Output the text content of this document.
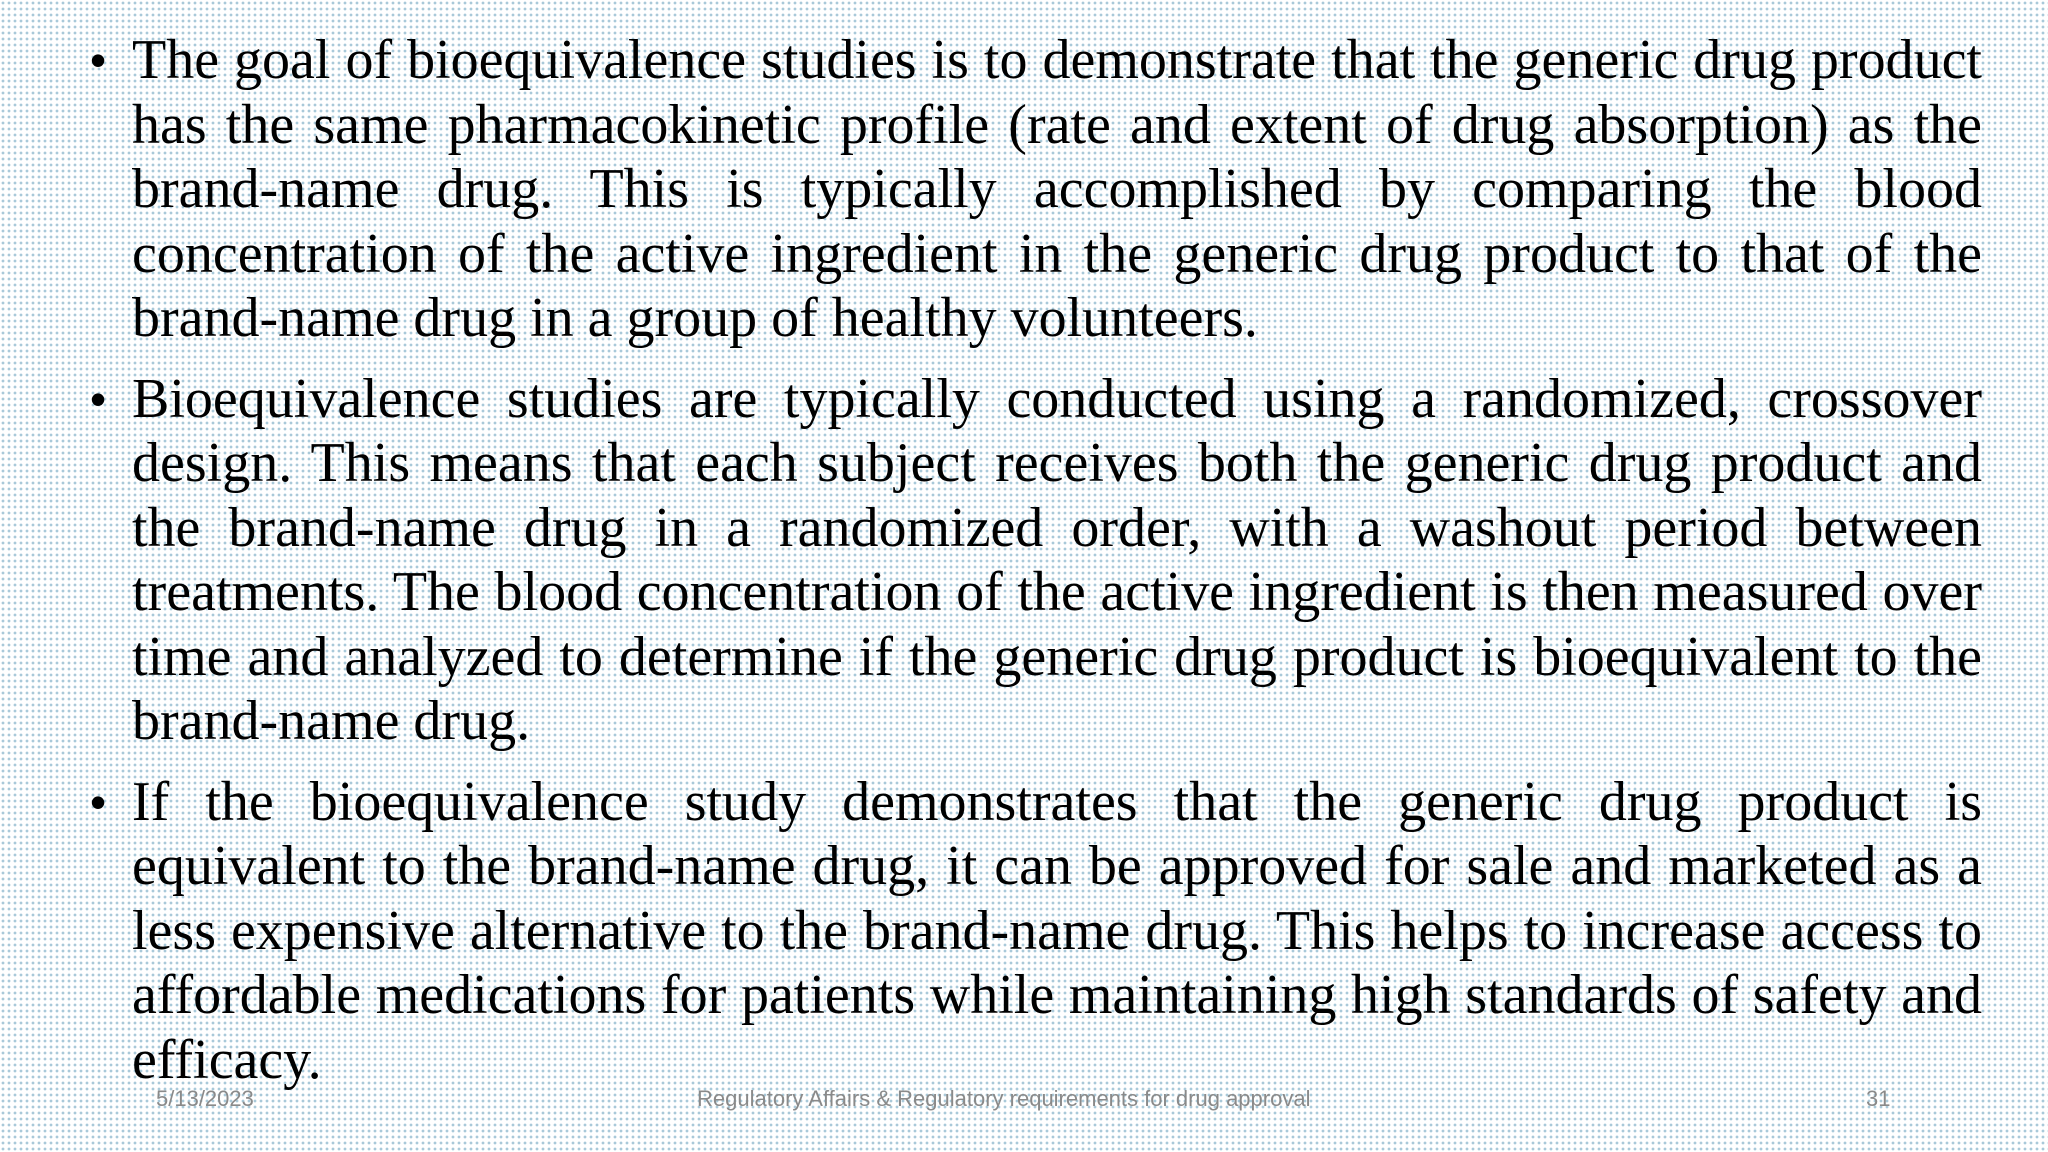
• The goal of bioequivalence studies is to demonstrate that the generic drug product has the same pharmacokinetic profile (rate and extent of drug absorption) as the brand-name drug. This is typically accomplished by comparing the blood concentration of the active ingredient in the generic drug product to that of the brand-name drug in a group of healthy volunteers.
• Bioequivalence studies are typically conducted using a randomized, crossover design. This means that each subject receives both the generic drug product and the brand-name drug in a randomized order, with a washout period between treatments. The blood concentration of the active ingredient is then measured over time and analyzed to determine if the generic drug product is bioequivalent to the brand-name drug.
• If the bioequivalence study demonstrates that the generic drug product is equivalent to the brand-name drug, it can be approved for sale and marketed as a less expensive alternative to the brand-name drug. This helps to increase access to affordable medications for patients while maintaining high standards of safety and efficacy.
5/13/2023	Regulatory Affairs & Regulatory requirements for drug approval	31
